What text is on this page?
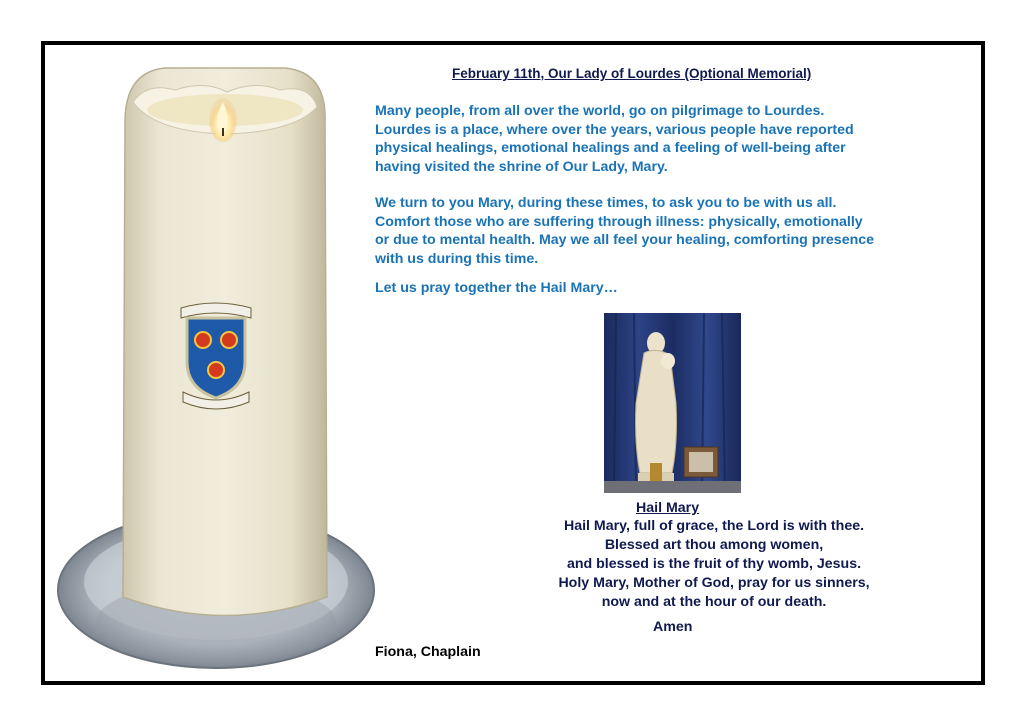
February 11th, Our Lady of Lourdes (Optional Memorial)
Many people, from all over the world, go on pilgrimage to Lourdes.
Lourdes is a place, where over the years, various people have reported
physical healings, emotional healings and a feeling of well-being after
having visited the shrine of Our Lady, Mary.
We turn to you Mary, during these times, to ask you to be with us all.
Comfort those who are suffering through illness: physically, emotionally
or due to mental health. May we all feel your healing, comforting presence
with us during this time.
Let us pray together the Hail Mary…
Hail Mary
Hail Mary, full of grace, the Lord is with thee.
Blessed art thou among women,
and blessed is the fruit of thy womb, Jesus.
Holy Mary, Mother of God, pray for us sinners,
now and at the hour of our death.
Amen
Fiona, Chaplain
